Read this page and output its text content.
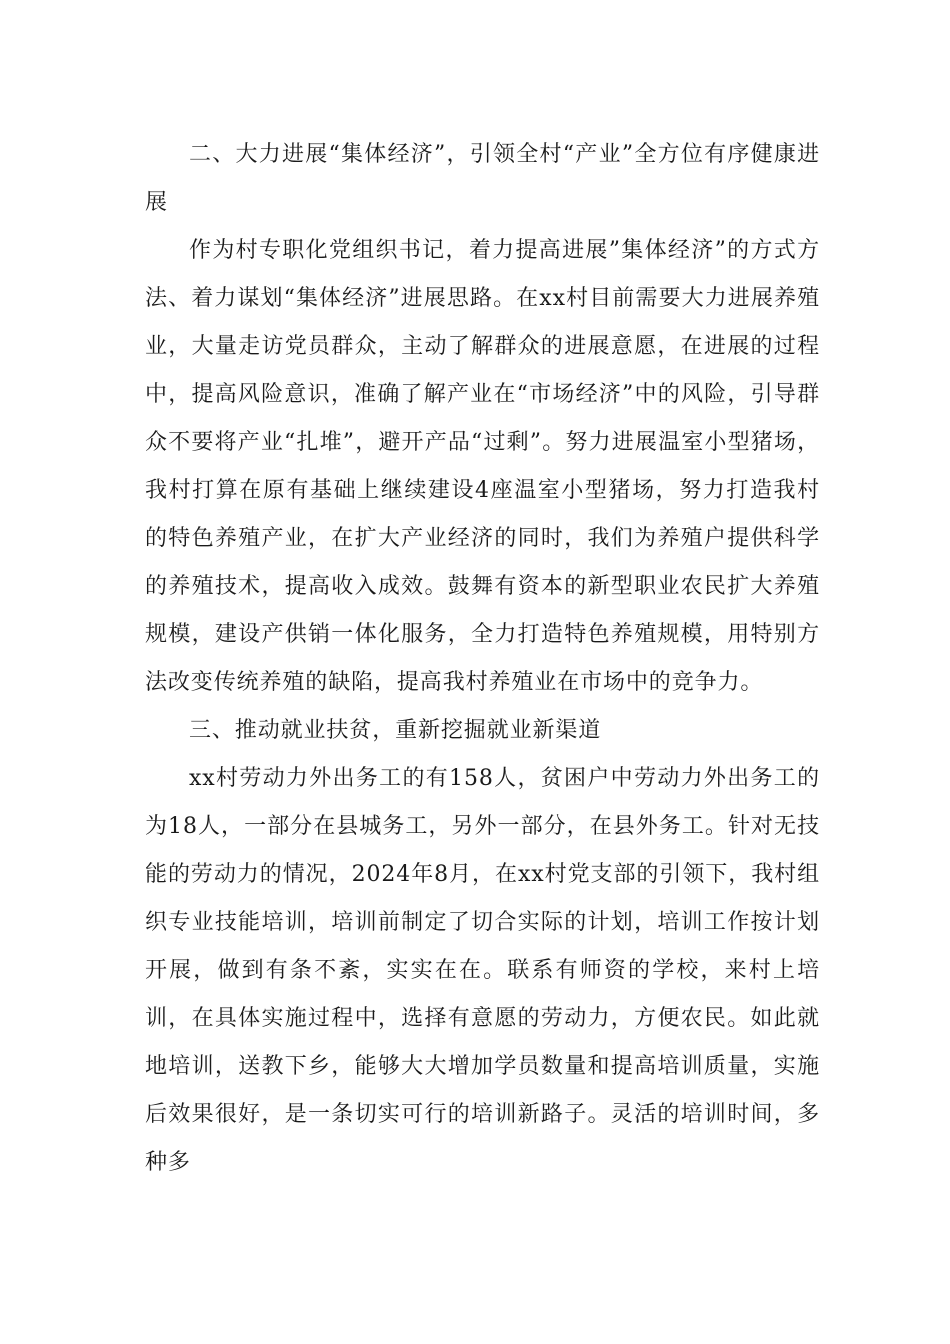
二、大力进展“集体经济”，引领全村“产业”全方位有序健康进展

作为村专职化党组织书记，着力提高进展”集体经济”的方式方法、着力谋划“集体经济”进展思路。在xx村目前需要大力进展养殖业，大量走访党员群众，主动了解群众的进展意愿，在进展的过程中，提高风险意识，准确了解产业在“市场经济”中的风险，引导群众不要将产业“扎堆”，避开产品“过剩”。努力进展温室小型猪场，我村打算在原有基础上继续建设4座温室小型猪场，努力打造我村的特色养殖产业，在扩大产业经济的同时，我们为养殖户提供科学的养殖技术，提高收入成效。鼓舞有资本的新型职业农民扩大养殖规模，建设产供销一体化服务，全力打造特色养殖规模，用特别方法改变传统养殖的缺陷，提高我村养殖业在市场中的竞争力。

三、推动就业扶贫，重新挖掘就业新渠道

xx村劳动力外出务工的有158人，贫困户中劳动力外出务工的为18人，一部分在县城务工，另外一部分，在县外务工。针对无技能的劳动力的情况，2024年8月，在xx村党支部的引领下，我村组织专业技能培训，培训前制定了切合实际的计划，培训工作按计划开展，做到有条不紊，实实在在。联系有师资的学校，来村上培训，在具体实施过程中，选择有意愿的劳动力，方便农民。如此就地培训，送教下乡，能够大大增加学员数量和提高培训质量，实施后效果很好，是一条切实可行的培训新路子。灵活的培训时间，多种多
